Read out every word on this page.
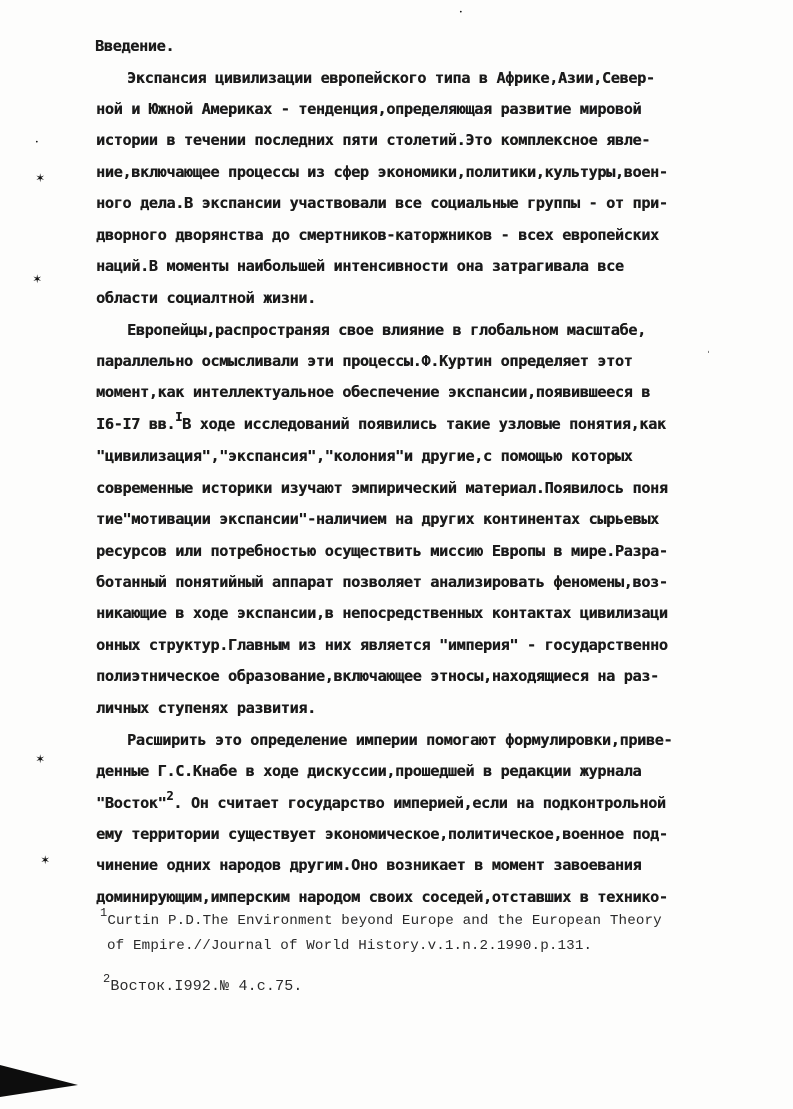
Введение.
Экспансия цивилизации европейского типа в Африке,Азии,Север-
ной и Южной Америках - тенденция,определяющая развитие мировой
истории в течении последних пяти столетий.Это комплексное явле-
ние,включающее процессы из сфер экономики,политики,культуры,воен-
ного дела.В экспансии участвовали все социальные группы - от при-
дворного дворянства до смертников-каторжников - всех европейских
наций.В моменты наибольшей интенсивности она затрагивала все
области социалтной жизни.
Европейцы,распространяя свое влияние в глобальном масштабе,
параллельно осмысливали эти процессы.Ф.Куртин определяет этот
момент,как интеллектуальное обеспечение экспансии,появившееся в
I6-I7 вв.$^I$В ходе исследований появились такие узловые понятия,как
"цивилизация","экспансия","колония"и другие,с помощью которых
современные историки изучают эмпирический материал.Появилось поня
тие"мотивации экспансии"-наличием на других континентах сырьевых
ресурсов или потребностью осуществить миссию Европы в мире.Разра-
ботанный понятийный аппарат позволяет анализировать феномены,воз-
никающие в ходе экспансии,в непосредственных контактах цивилизаци
онных структур.Главным из них является "империя" - государственно
полиэтническое образование,включающее этносы,находящиеся на раз-
личных ступенях развития.
Расширить это определение империи помогают формулировки,приве-
денные Г.С.Кнабе в ходе дискуссии,прошедшей в редакции журнала
"Восток"$^2$. Он считает государство империей,если на подконтрольной
ему территории существует экономическое,политическое,военное под-
чинение одних народов другим.Оно возникает в момент завоевания
доминирующим,имперским народом своих соседей,отставших в технико-
$^1$Curtin P.D.The Environment beyond Europe and the European Theory
of Empire.//Journal of World History.v.1.n.2.1990.p.131.
$^2$Восток.I992.№ 4.с.75.
✶
✶
✶
✶
•
•
ˈ
